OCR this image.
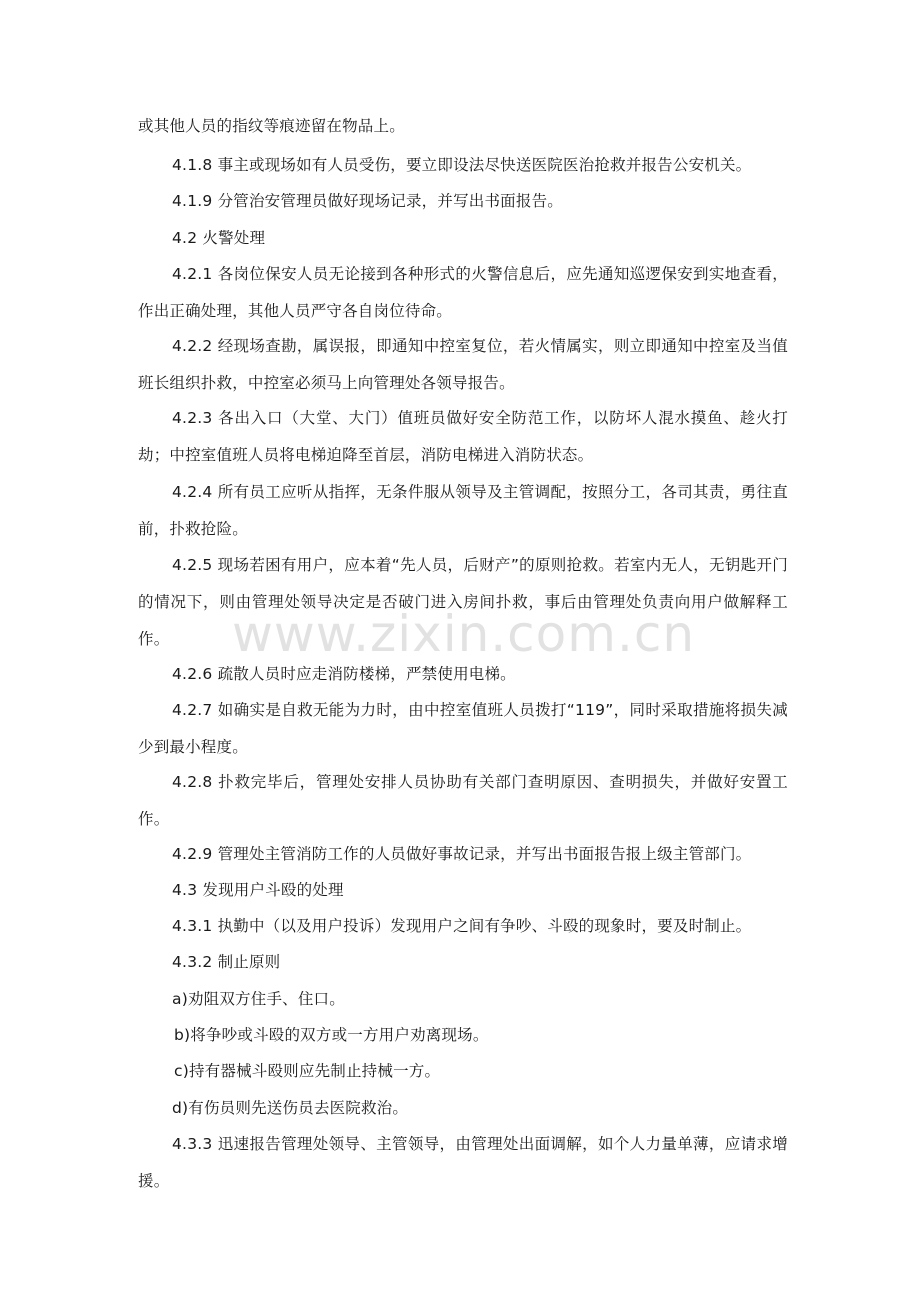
或其他人员的指纹等痕迹留在物品上。

4.1.8 事主或现场如有人员受伤，要立即设法尽快送医院医治抢救并报告公安机关。

4.1.9 分管治安管理员做好现场记录，并写出书面报告。

4.2 火警处理

4.2.1 各岗位保安人员无论接到各种形式的火警信息后，应先通知巡逻保安到实地查看，作出正确处理，其他人员严守各自岗位待命。

4.2.2 经现场查勘，属误报，即通知中控室复位，若火情属实，则立即通知中控室及当值班长组织扑救，中控室必须马上向管理处各领导报告。

4.2.3 各出入口（大堂、大门）值班员做好安全防范工作，以防坏人混水摸鱼、趁火打劫；中控室值班人员将电梯迫降至首层，消防电梯进入消防状态。

4.2.4 所有员工应听从指挥，无条件服从领导及主管调配，按照分工，各司其责，勇往直前，扑救抢险。

4.2.5 现场若困有用户，应本着“先人员，后财产”的原则抢救。若室内无人，无钥匙开门的情况下，则由管理处领导决定是否破门进入房间扑救，事后由管理处负责向用户做解释工作。

4.2.6 疏散人员时应走消防楼梯，严禁使用电梯。

4.2.7 如确实是自救无能为力时，由中控室值班人员拨打“119”，同时采取措施将损失减少到最小程度。

4.2.8 扑救完毕后，管理处安排人员协助有关部门查明原因、查明损失，并做好安置工作。

4.2.9 管理处主管消防工作的人员做好事故记录，并写出书面报告报上级主管部门。

4.3 发现用户斗殴的处理

4.3.1 执勤中（以及用户投诉）发现用户之间有争吵、斗殴的现象时，要及时制止。

4.3.2 制止原则

a)劝阻双方住手、住口。

b)将争吵或斗殴的双方或一方用户劝离现场。

c)持有器械斗殴则应先制止持械一方。

d)有伤员则先送伤员去医院救治。

4.3.3 迅速报告管理处领导、主管领导，由管理处出面调解，如个人力量单薄，应请求增援。

www.zixin.com.cn
